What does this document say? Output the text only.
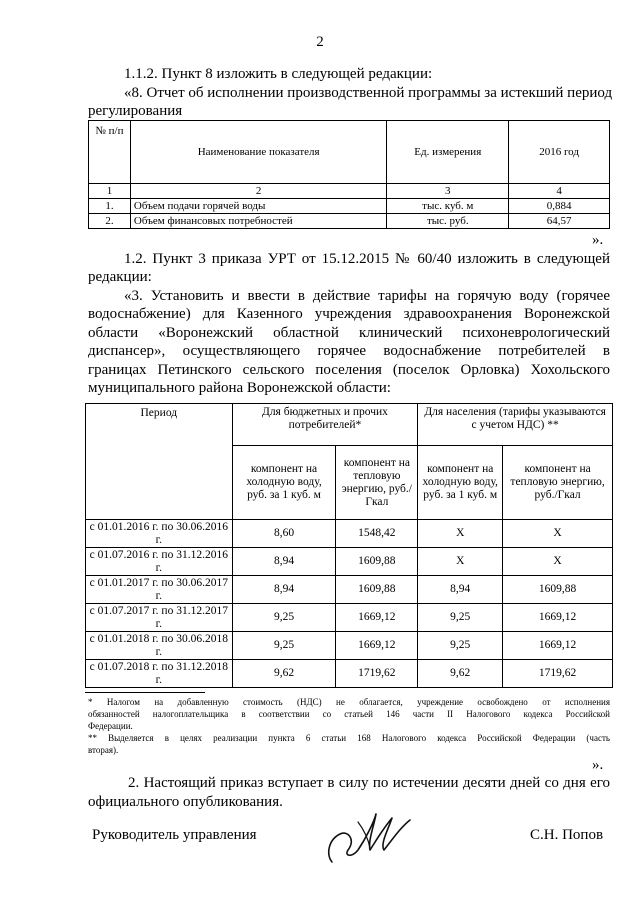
2
1.1.2. Пункт 8 изложить в следующей редакции:
«8. Отчет об исполнении производственной программы за истекший период
регулирования
№ п/п	Наименование показателя	Ед. измерения	2016 год
1	2	3	4
1.	Объем подачи горячей воды	тыс. куб. м	0,884
2.	Объем финансовых потребностей	тыс. руб.	64,57
».
1.2. Пункт 3 приказа УРТ от 15.12.2015 № 60/40 изложить в следующей
редакции:
«3. Установить и ввести в действие тарифы на горячую воду (горячее
водоснабжение) для Казенного учреждения здравоохранения Воронежской
области «Воронежский областной клинический психоневрологический
диспансер», осуществляющего горячее водоснабжение потребителей в
границах Петинского сельского поселения (поселок Орловка) Хохольского
муниципального района Воронежской области:
Период	Для бюджетных и прочих потребителей*		Для населения (тарифы указываются с учетом НДС) **	
	компонент на холодную воду, руб. за 1 куб. м	компонент на тепловую энергию, руб./Гкал	компонент на холодную воду, руб. за 1 куб. м	компонент на тепловую энергию, руб./Гкал
с 01.01.2016 г. по 30.06.2016 г.	8,60	1548,42	Х	Х
с 01.07.2016 г. по 31.12.2016 г.	8,94	1609,88	Х	Х
с 01.01.2017 г. по 30.06.2017 г.	8,94	1609,88	8,94	1609,88
с 01.07.2017 г. по 31.12.2017 г.	9,25	1669,12	9,25	1669,12
с 01.01.2018 г. по 30.06.2018 г.	9,25	1669,12	9,25	1669,12
с 01.07.2018 г. по 31.12.2018 г.	9,62	1719,62	9,62	1719,62
* Налогом на добавленную стоимость (НДС) не облагается, учреждение освобождено от исполнения
обязанностей налогоплательщика в соответствии со статьей 146 части II Налогового кодекса Российской
Федерации.
** Выделяется в целях реализации пункта 6 статьи 168 Налогового кодекса Российской Федерации (часть
вторая).
».
2. Настоящий приказ вступает в силу по истечении десяти дней со дня его
официального опубликования.
Руководитель управления	С.Н. Попов
